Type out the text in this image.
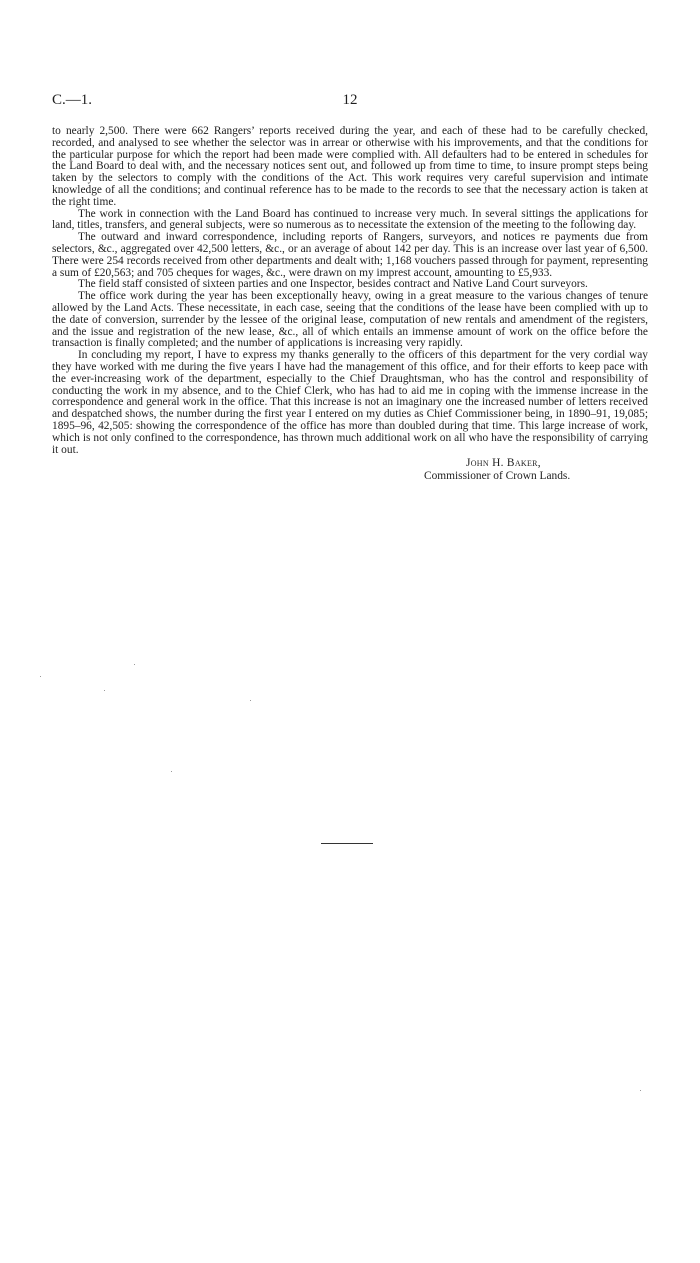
C.—1.	12

to nearly 2,500. There were 662 Rangers’ reports received during the year, and each of these had to be carefully checked, recorded, and analysed to see whether the selector was in arrear or otherwise with his improvements, and that the conditions for the particular purpose for which the report had been made were complied with. All defaulters had to be entered in schedules for the Land Board to deal with, and the necessary notices sent out, and followed up from time to time, to insure prompt steps being taken by the selectors to comply with the conditions of the Act. This work requires very careful supervision and intimate knowledge of all the conditions; and continual reference has to be made to the records to see that the necessary action is taken at the right time.

The work in connection with the Land Board has continued to increase very much. In several sittings the applications for land, titles, transfers, and general subjects, were so numerous as to necessitate the extension of the meeting to the following day.

The outward and inward correspondence, including reports of Rangers, surveyors, and notices re payments due from selectors, &c., aggregated over 42,500 letters, &c., or an average of about 142 per day. This is an increase over last year of 6,500. There were 254 records received from other departments and dealt with; 1,168 vouchers passed through for payment, representing a sum of £20,563; and 705 cheques for wages, &c., were drawn on my imprest account, amounting to £5,933.

The field staff consisted of sixteen parties and one Inspector, besides contract and Native Land Court surveyors.

The office work during the year has been exceptionally heavy, owing in a great measure to the various changes of tenure allowed by the Land Acts. These necessitate, in each case, seeing that the conditions of the lease have been complied with up to the date of conversion, surrender by the lessee of the original lease, computation of new rentals and amendment of the registers, and the issue and registration of the new lease, &c., all of which entails an immense amount of work on the office before the transaction is finally completed; and the number of applications is increasing very rapidly.

In concluding my report, I have to express my thanks generally to the officers of this department for the very cordial way they have worked with me during the five years I have had the management of this office, and for their efforts to keep pace with the ever-increasing work of the department, especially to the Chief Draughtsman, who has the control and responsibility of conducting the work in my absence, and to the Chief Clerk, who has had to aid me in coping with the immense increase in the correspondence and general work in the office. That this increase is not an imaginary one the increased number of letters received and despatched shows, the number during the first year I entered on my duties as Chief Commissioner being, in 1890–91, 19,085; 1895–96, 42,505: showing the correspondence of the office has more than doubled during that time. This large increase of work, which is not only confined to the correspondence, has thrown much additional work on all who have the responsibility of carrying it out.

John H. Baker,
Commissioner of Crown Lands.
